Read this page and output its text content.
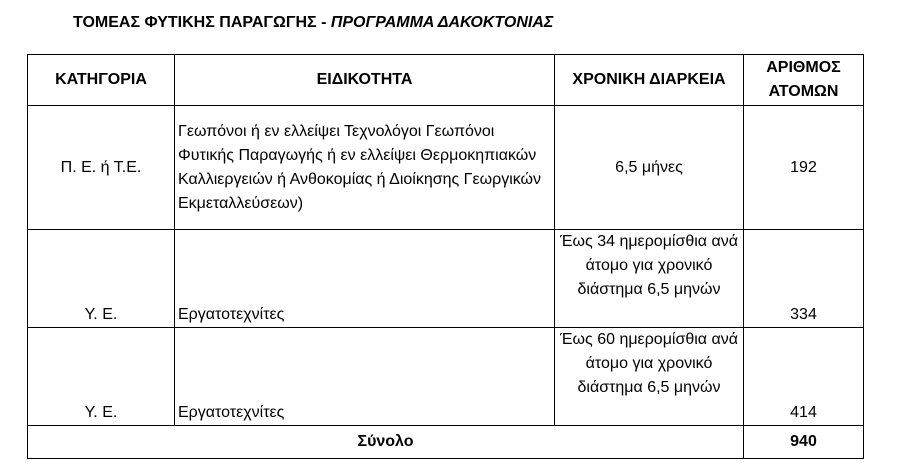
ΤΟΜΕΑΣ ΦΥΤΙΚΗΣ ΠΑΡΑΓΩΓΗΣ - ΠΡΟΓΡΑΜΜΑ ΔΑΚΟΚΤΟΝΙΑΣ
ΚΑΤΗΓΟΡΙΑ	ΕΙΔΙΚΟΤΗΤΑ	ΧΡΟΝΙΚΗ ΔΙΑΡΚΕΙΑ	ΑΡΙΘΜΟΣ ΑΤΟΜΩΝ
Π. Ε. ή Τ.Ε.	Γεωπόνοι ή εν ελλείψει Τεχνολόγοι Γεωπόνοι Φυτικής Παραγωγής ή εν ελλείψει Θερμοκηπιακών Καλλιεργειών ή Ανθοκομίας ή Διοίκησης Γεωργικών Εκμεταλλεύσεων)	6,5 μήνες	192
Υ. Ε.	Εργατοτεχνίτες	Έως 34 ημερομίσθια ανά άτομο για χρονικό διάστημα 6,5 μηνών	334
Υ. Ε.	Εργατοτεχνίτες	Έως 60 ημερομίσθια ανά άτομο για χρονικό διάστημα 6,5 μηνών	414
Σύνολο			940
